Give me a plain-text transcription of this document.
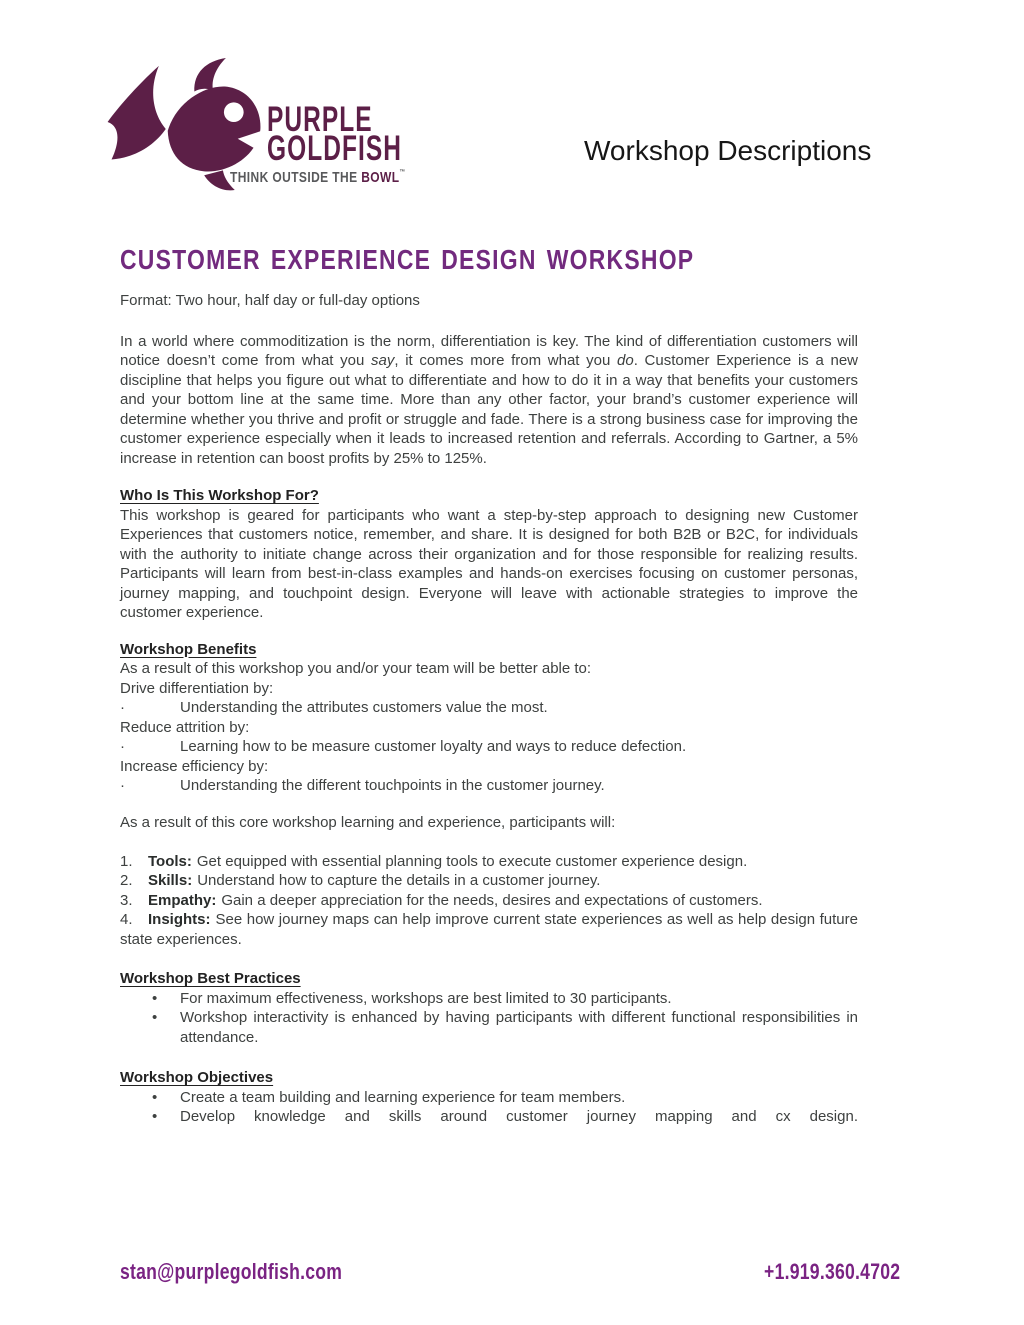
PURPLE
GOLDFISH
THINK OUTSIDE THE BOWL™
Workshop Descriptions
CUSTOMER EXPERIENCE DESIGN WORKSHOP

Format: Two hour, half day or full-day options

In a world where commoditization is the norm, differentiation is key. The kind of differentiation customers will notice doesn’t come from what you say, it comes more from what you do. Customer Experience is a new discipline that helps you figure out what to differentiate and how to do it in a way that benefits your customers and your bottom line at the same time. More than any other factor, your brand’s customer experience will determine whether you thrive and profit or struggle and fade. There is a strong business case for improving the customer experience especially when it leads to increased retention and referrals. According to Gartner, a 5% increase in retention can boost profits by 25% to 125%.

Who Is This Workshop For?

This workshop is geared for participants who want a step-by-step approach to designing new Customer Experiences that customers notice, remember, and share. It is designed for both B2B or B2C, for individuals with the authority to initiate change across their organization and for those responsible for realizing results. Participants will learn from best-in-class examples and hands-on exercises focusing on customer personas, journey mapping, and touchpoint design. Everyone will leave with actionable strategies to improve the customer experience.

Workshop Benefits

As a result of this workshop you and/or your team will be better able to:

Drive differentiation by:

·	Understanding the attributes customers value the most.

Reduce attrition by:

·	Learning how to be measure customer loyalty and ways to reduce defection.

Increase efficiency by:

·	Understanding the different touchpoints in the customer journey.

As a result of this core workshop learning and experience, participants will:

1. Tools: Get equipped with essential planning tools to execute customer experience design.

2. Skills: Understand how to capture the details in a customer journey.

3. Empathy: Gain a deeper appreciation for the needs, desires and expectations of customers.

4. Insights: See how journey maps can help improve current state experiences as well as help design future state experiences.

Workshop Best Practices
• For maximum effectiveness, workshops are best limited to 30 participants.
• Workshop interactivity is enhanced by having participants with different functional responsibilities in attendance.
Workshop Objectives
• Create a team building and learning experience for team members.
• Develop knowledge and skills around customer journey mapping and cx design.
stan@purplegoldfish.com	+1.919.360.4702
